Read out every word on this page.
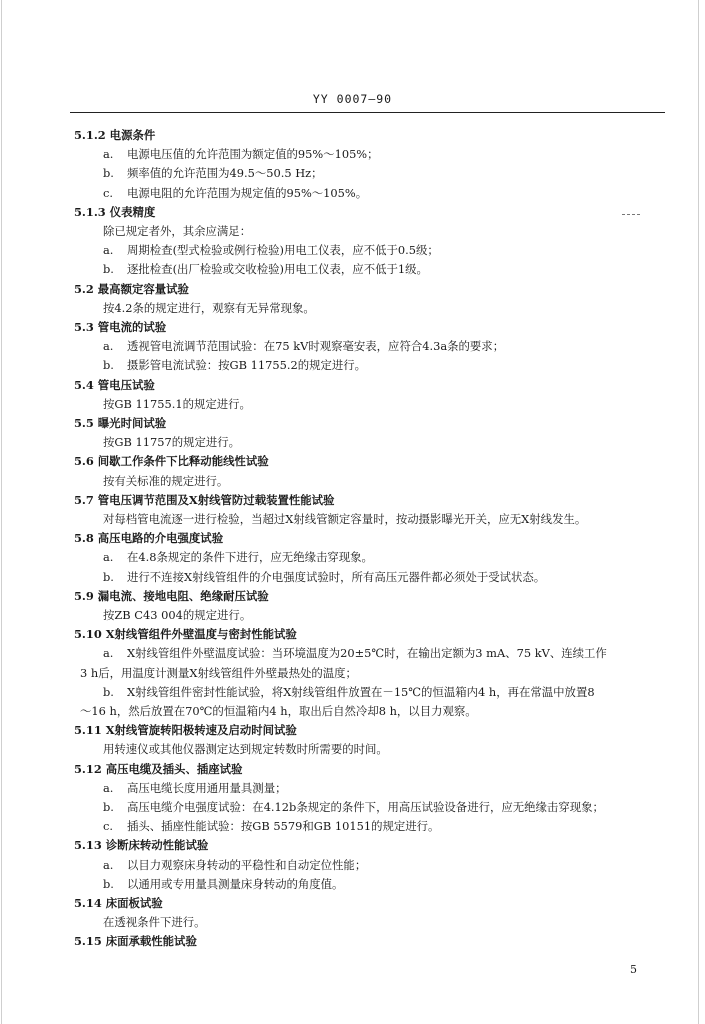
YY 0007—90
5.1.2 电源条件
a. 电源电压值的允许范围为额定值的95%～105%；
b. 频率值的允许范围为49.5～50.5 Hz；
c. 电源电阻的允许范围为规定值的95%～105%。
5.1.3 仪表精度
除已规定者外，其余应满足：
a. 周期检查(型式检验或例行检验)用电工仪表，应不低于0.5级；
b. 逐批检查(出厂检验或交收检验)用电工仪表，应不低于1级。
5.2 最高额定容量试验
按4.2条的规定进行，观察有无异常现象。
5.3 管电流的试验
a. 透视管电流调节范围试验：在75 kV时观察毫安表，应符合4.3a条的要求；
b. 摄影管电流试验：按GB 11755.2的规定进行。
5.4 管电压试验
按GB 11755.1的规定进行。
5.5 曝光时间试验
按GB 11757的规定进行。
5.6 间歇工作条件下比释动能线性试验
按有关标准的规定进行。
5.7 管电压调节范围及X射线管防过载装置性能试验
对每档管电流逐一进行检验，当超过X射线管额定容量时，按动摄影曝光开关，应无X射线发生。
5.8 高压电路的介电强度试验
a. 在4.8条规定的条件下进行，应无绝缘击穿现象。
b. 进行不连接X射线管组件的介电强度试验时，所有高压元器件都必须处于受试状态。
5.9 漏电流、接地电阻、绝缘耐压试验
按ZB C43 004的规定进行。
5.10 X射线管组件外壁温度与密封性能试验
a. X射线管组件外壁温度试验：当环境温度为20±5℃时，在输出定额为3 mA、75 kV、连续工作
3 h后，用温度计测量X射线管组件外壁最热处的温度；
b. X射线管组件密封性能试验，将X射线管组件放置在－15℃的恒温箱内4 h，再在常温中放置8
～16 h，然后放置在70℃的恒温箱内4 h，取出后自然冷却8 h，以目力观察。
5.11 X射线管旋转阳极转速及启动时间试验
用转速仪或其他仪器测定达到规定转数时所需要的时间。
5.12 高压电缆及插头、插座试验
a. 高压电缆长度用通用量具测量；
b. 高压电缆介电强度试验：在4.12b条规定的条件下，用高压试验设备进行，应无绝缘击穿现象；
c. 插头、插座性能试验：按GB 5579和GB 10151的规定进行。
5.13 诊断床转动性能试验
a. 以目力观察床身转动的平稳性和自动定位性能；
b. 以通用或专用量具测量床身转动的角度值。
5.14 床面板试验
在透视条件下进行。
5.15 床面承载性能试验
5
